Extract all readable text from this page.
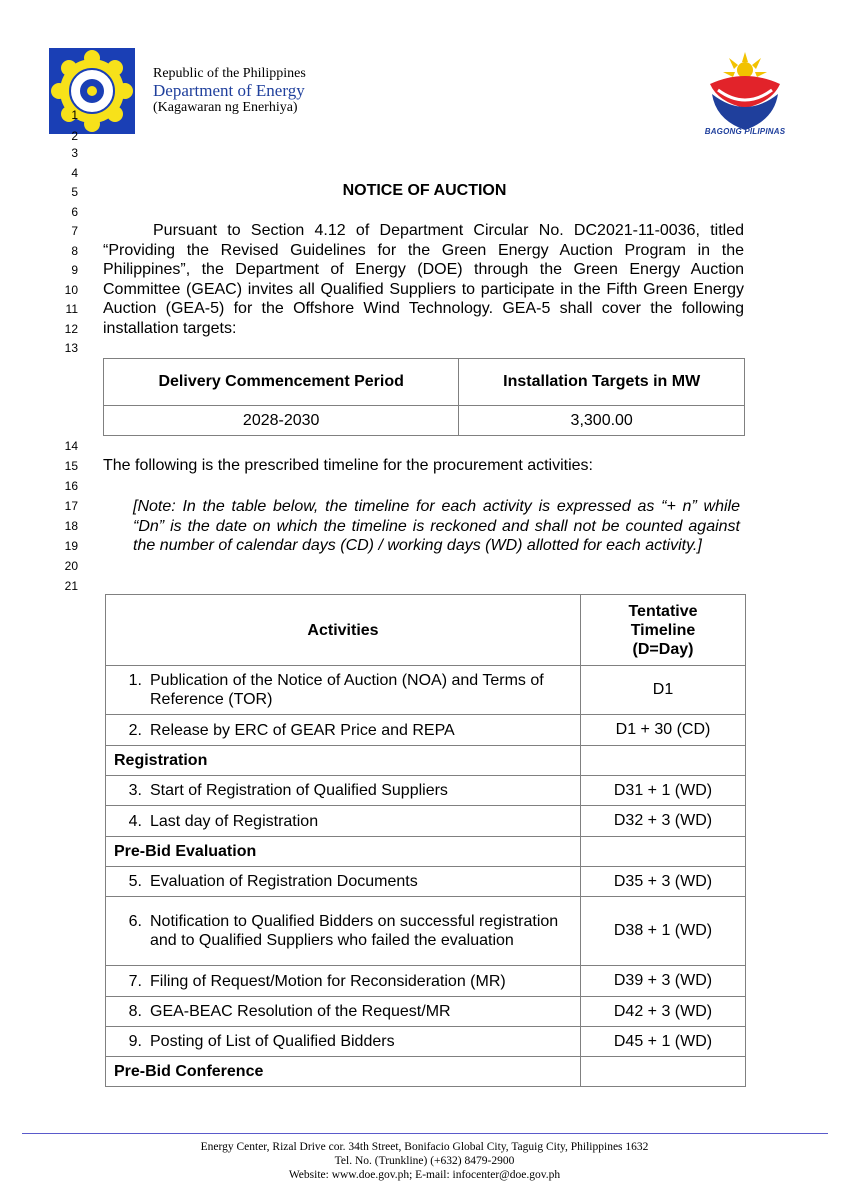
Republic of the Philippines
Department of Energy
(Kagawaran ng Enerhiya)
BAGONG PILIPINAS
1
2
3
4
5
6
7
8
9
10
11
12
13
14
15
16
17
18
19
20
21
NOTICE OF AUCTION

Pursuant to Section 4.12 of Department Circular No. DC2021-11-0036, titled “Providing the Revised Guidelines for the Green Energy Auction Program in the Philippines”, the Department of Energy (DOE) through the Green Energy Auction Committee (GEAC) invites all Qualified Suppliers to participate in the Fifth Green Energy Auction (GEA-5) for the Offshore Wind Technology. GEA-5 shall cover the following installation targets:

Delivery Commencement Period	Installation Targets in MW
2028-2030	3,300.00
The following is the prescribed timeline for the procurement activities:
[Note: In the table below, the timeline for each activity is expressed as “+ n” while “Dn” is the date on which the timeline is reckoned and shall not be counted against the number of calendar days (CD) / working days (WD) allotted for each activity.]
Activities	Tentative Timeline (D=Day)

1. Publication of the Notice of Auction (NOA) and Terms of Reference (TOR)	D1

2. Release by ERC of GEAR Price and REPA	D1 + 30 (CD)
Registration	

3. Start of Registration of Qualified Suppliers	D31 + 1 (WD)

4. Last day of Registration	D32 + 3 (WD)
Pre-Bid Evaluation	

5. Evaluation of Registration Documents	D35 + 3 (WD)

6. Notification to Qualified Bidders on successful registration and to Qualified Suppliers who failed the evaluation	D38 + 1 (WD)

7. Filing of Request/Motion for Reconsideration (MR)	D39 + 3 (WD)

8. GEA-BEAC Resolution of the Request/MR	D42 + 3 (WD)

9. Posting of List of Qualified Bidders	D45 + 1 (WD)
Pre-Bid Conference	
Energy Center, Rizal Drive cor. 34th Street, Bonifacio Global City, Taguig City, Philippines 1632
Tel. No. (Trunkline) (+632) 8479-2900
Website: www.doe.gov.ph; E-mail: infocenter@doe.gov.ph
